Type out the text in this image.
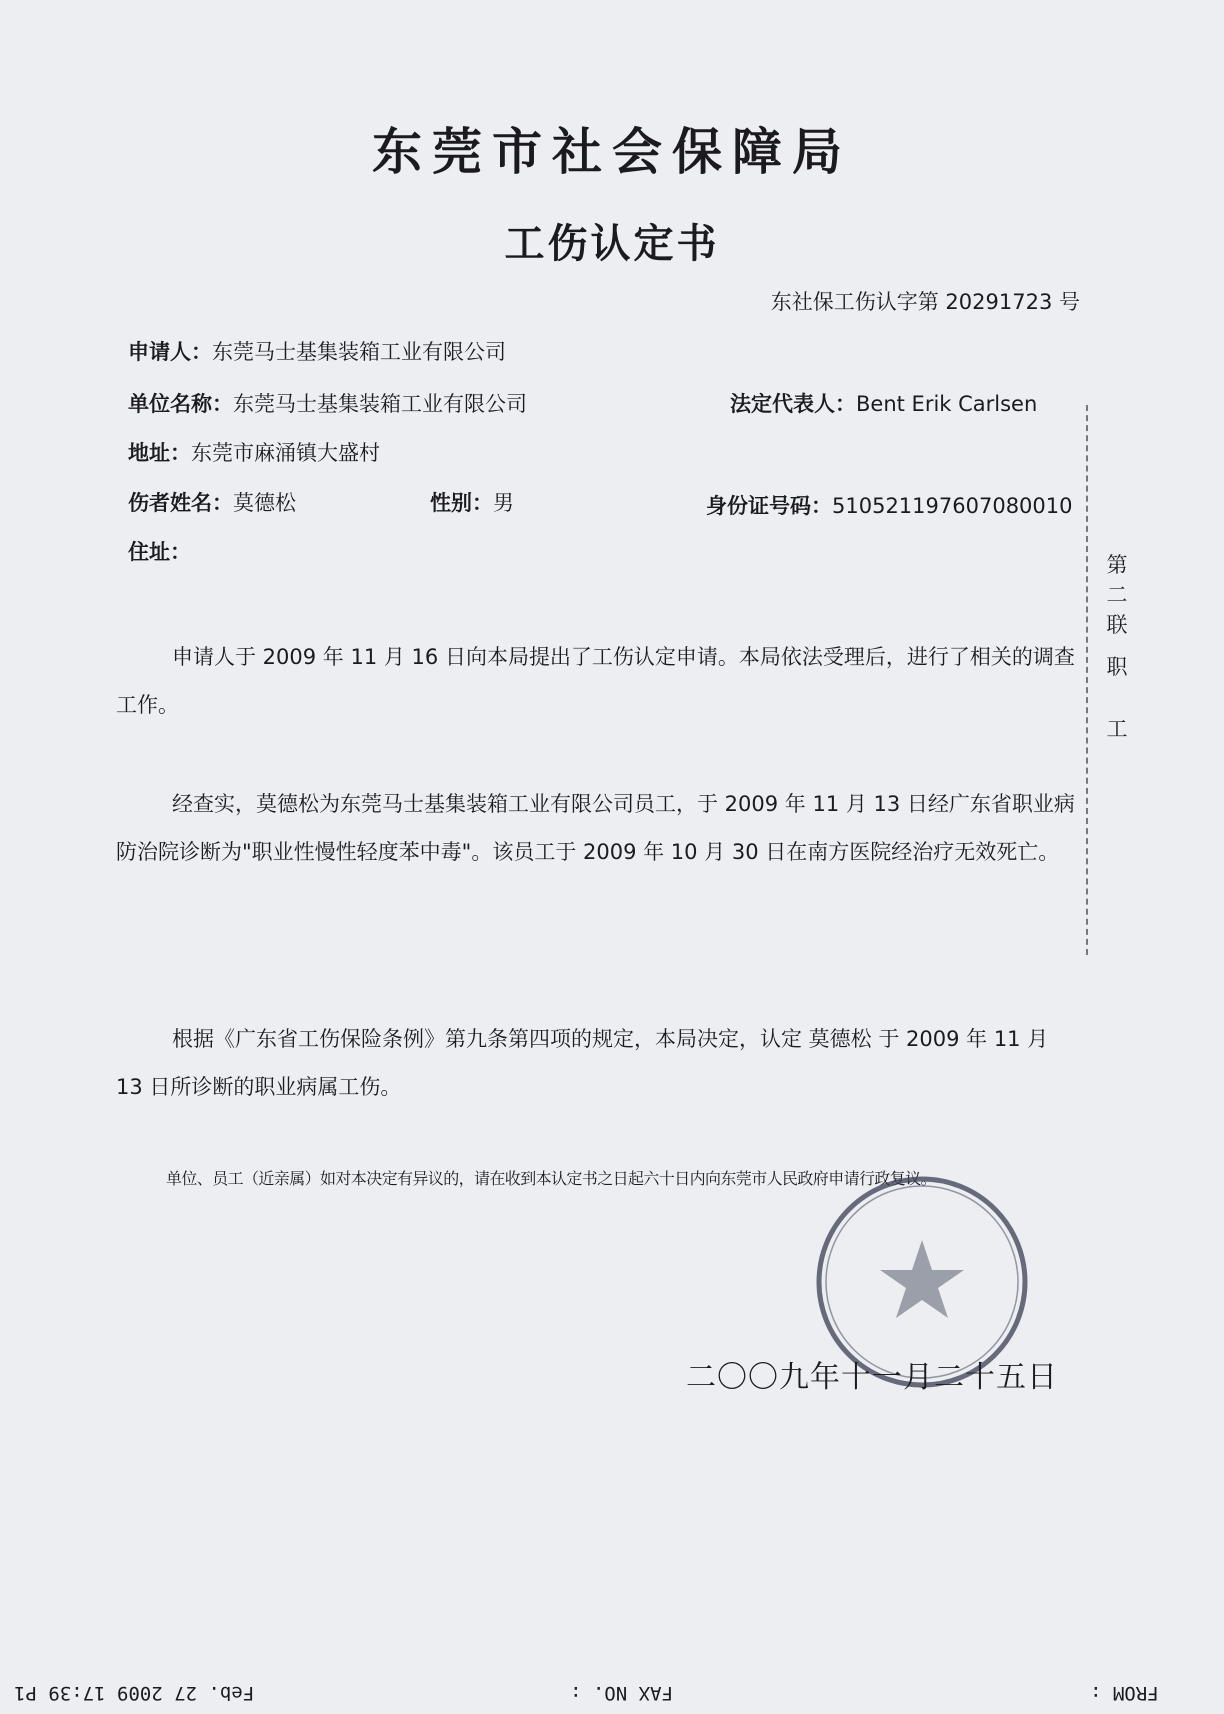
东莞市社会保障局
工伤认定书
东社保工伤认字第 20291723 号
申请人：东莞马士基集装箱工业有限公司
单位名称：东莞马士基集装箱工业有限公司	法定代表人：Bent Erik Carlsen
地址：东莞市麻涌镇大盛村
伤者姓名：莫德松	性别：男	身份证号码：510521197607080010
住址：
申请人于 2009 年 11 月 16 日向本局提出了工伤认定申请。本局依法受理后，进行了相关的调查工作。
经查实，莫德松为东莞马士基集装箱工业有限公司员工，于 2009 年 11 月 13 日经广东省职业病防治院诊断为"职业性慢性轻度苯中毒"。该员工于 2009 年 10 月 30 日在南方医院经治疗无效死亡。
根据《广东省工伤保险条例》第九条第四项的规定，本局决定，认定 莫德松 于 2009 年 11 月 13 日所诊断的职业病属工伤。
单位、员工（近亲属）如对本决定有异议的，请在收到本认定书之日起六十日内向东莞市人民政府申请行政复议。
第二联
职
工
二〇〇九年十一月二十五日
Feb. 27 2009 17:39 P1	FAX NO. :	FROM :
